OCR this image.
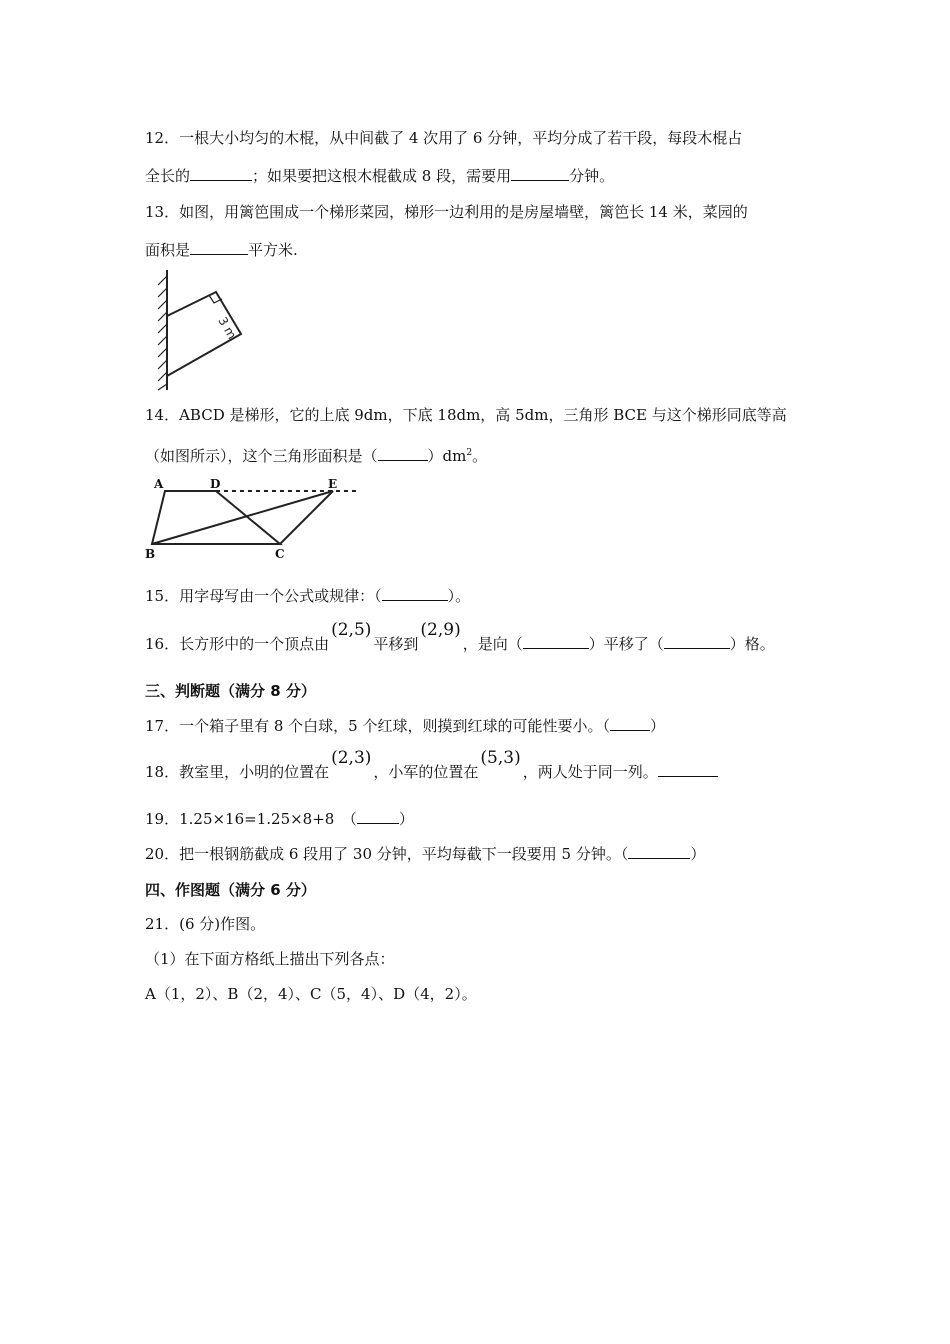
12．一根大小均匀的木棍，从中间截了 4 次用了 6 分钟，平均分成了若干段，每段木棍占
全长的	；如果要把这根木棍截成 8 段，需要用	分钟。
13．如图，用篱笆围成一个梯形菜园，梯形一边利用的是房屋墙壁，篱笆长 14 米，菜园的
面积是	平方米.
3 m
14．ABCD 是梯形，它的上底 9dm，下底 18dm，高 5dm，三角形 BCE 与这个梯形同底等高
（如图所示），这个三角形面积是（	）$dm^2$。
A	D	E
B	C
15．用字母写由一个公式或规律：（	）。
16．长方形中的一个顶点由(2,5)平移到(2,9)，是向（	）平移了（	）格。
三、判断题（满分 8 分）
17．一个箱子里有 8 个白球，5 个红球，则摸到红球的可能性要小。（	）
18．教室里，小明的位置在(2,3)，小军的位置在(5,3)，两人处于同一列。
19．1.25×16=1.25×8+8　（	）
20．把一根钢筋截成 6 段用了 30 分钟，平均每截下一段要用 5 分钟。（	）
四、作图题（满分 6 分）
21．(6 分)作图。
（1）在下面方格纸上描出下列各点：
A（1，2）、B（2，4）、C（5，4）、D（4，2）。
